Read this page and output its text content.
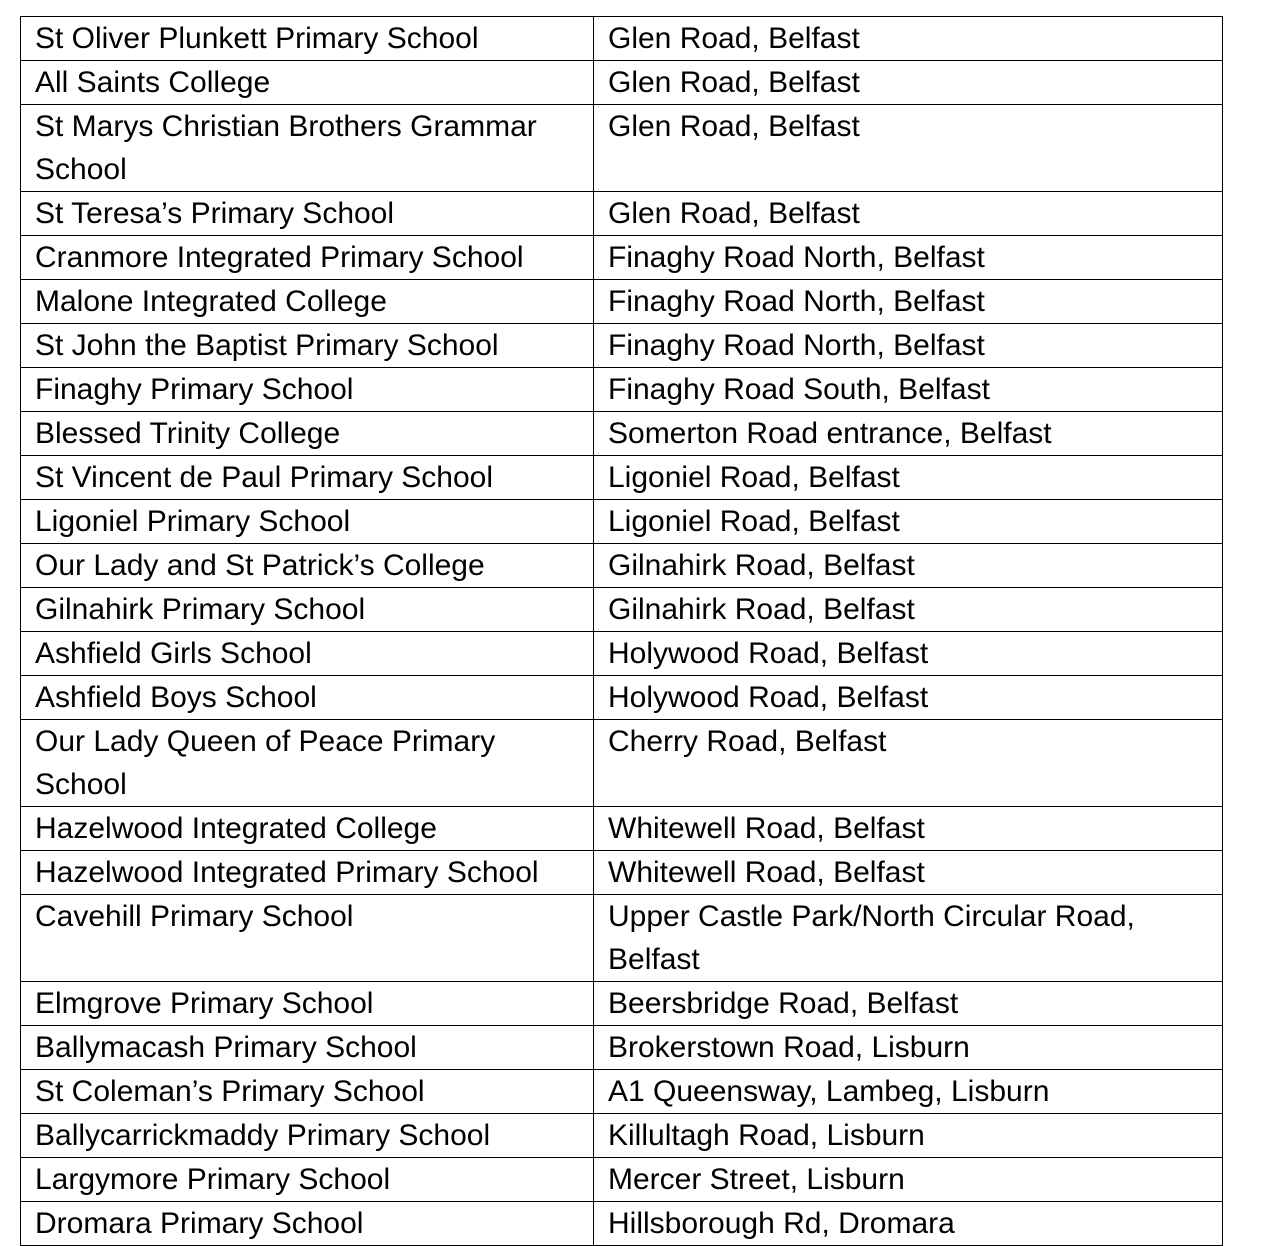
St Oliver Plunkett Primary School	Glen Road, Belfast
All Saints College	Glen Road, Belfast
St Marys Christian Brothers Grammar School	Glen Road, Belfast
St Teresa’s Primary School	Glen Road, Belfast
Cranmore Integrated Primary School	Finaghy Road North, Belfast
Malone Integrated College	Finaghy Road North, Belfast
St John the Baptist Primary School	Finaghy Road North, Belfast
Finaghy Primary School	Finaghy Road South, Belfast
Blessed Trinity College	Somerton Road entrance, Belfast
St Vincent de Paul Primary School	Ligoniel Road, Belfast
Ligoniel Primary School	Ligoniel Road, Belfast
Our Lady and St Patrick’s College	Gilnahirk Road, Belfast
Gilnahirk Primary School	Gilnahirk Road, Belfast
Ashfield Girls School	Holywood Road, Belfast
Ashfield Boys School	Holywood Road, Belfast
Our Lady Queen of Peace Primary School	Cherry Road, Belfast
Hazelwood Integrated College	Whitewell Road, Belfast
Hazelwood Integrated Primary School	Whitewell Road, Belfast
Cavehill Primary School	Upper Castle Park/North Circular Road, Belfast
Elmgrove Primary School	Beersbridge Road, Belfast
Ballymacash Primary School	Brokerstown Road, Lisburn
St Coleman’s Primary School	A1 Queensway, Lambeg, Lisburn
Ballycarrickmaddy Primary School	Killultagh Road, Lisburn
Largymore Primary School	Mercer Street, Lisburn
Dromara Primary School	Hillsborough Rd, Dromara
